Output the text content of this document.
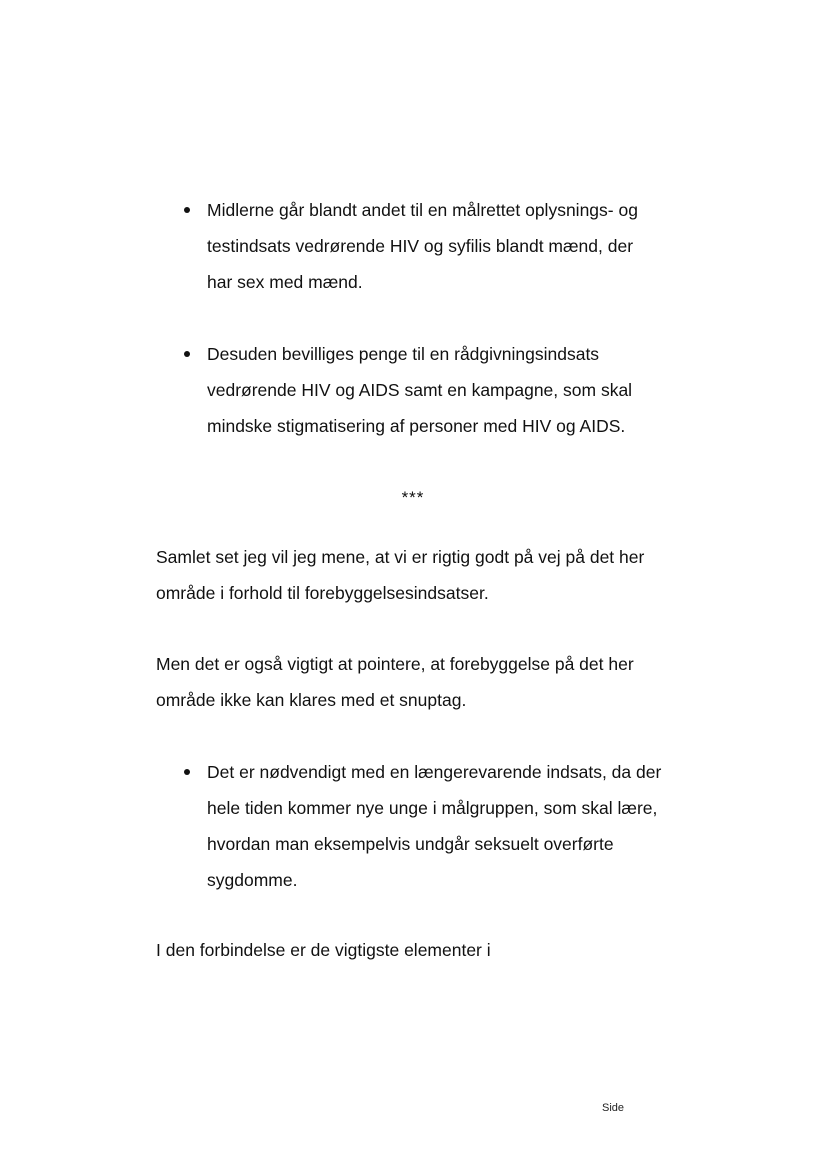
Midlerne går blandt andet til en målrettet oplysnings- og
testindsats vedrørende HIV og syfilis blandt mænd, der
har sex med mænd.
Desuden bevilliges penge til en rådgivningsindsats
vedrørende HIV og AIDS samt en kampagne, som skal
mindske stigmatisering af personer med HIV og AIDS.
***
Samlet set jeg vil jeg mene, at vi er rigtig godt på vej på det her
område i forhold til forebyggelsesindsatser.
Men det er også vigtigt at pointere, at forebyggelse på det her
område ikke kan klares med et snuptag.
Det er nødvendigt med en længerevarende indsats, da der
hele tiden kommer nye unge i målgruppen, som skal lære,
hvordan man eksempelvis undgår seksuelt overførte
sygdomme.
I den forbindelse er de vigtigste elementer i
Side
